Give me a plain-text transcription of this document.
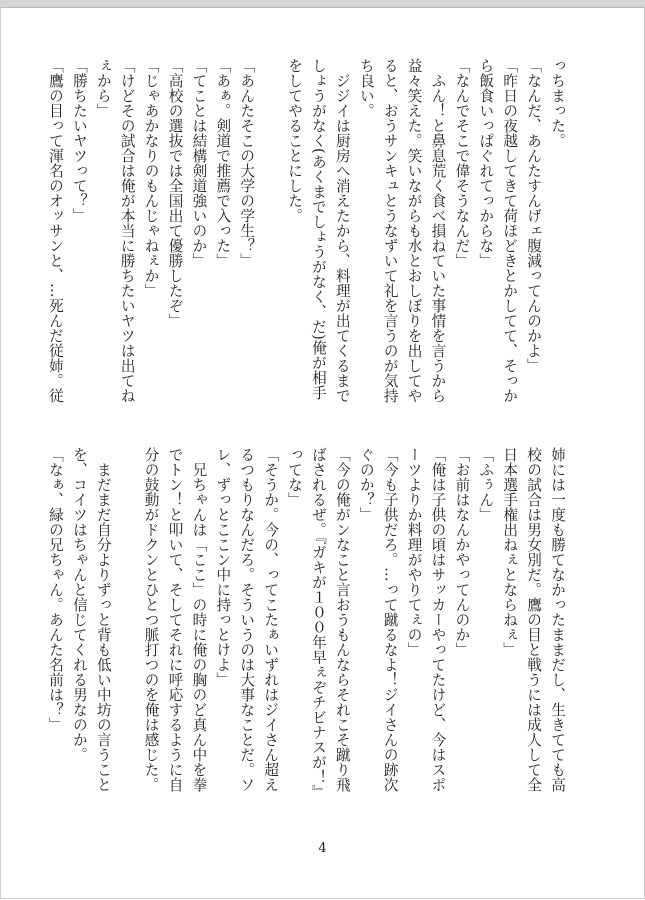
っちまった。

「なんだ、あんたすんげェ腹減ってんのかよ」

「昨日の夜越してきて荷ほどきとかしてて、そっか

ら飯食いっぱぐれてっからな」

「なんでそこで偉そうなんだ」

　ふん！と鼻息荒く食べ損ねていた事情を言うから

益々笑えた。笑いながらも水とおしぼりを出してや

ると、おうサンキュとうなずいて礼を言うのが気持

ち良い。

　ジジイは厨房へ消えたから、料理が出てくるまで

しょうがなく(あくまでしょうがなく、だ)俺が相手

をしてやることにした。

「あんたそこの大学の学生？」

「あぁ。剣道で推薦で入った」

「てことは結構剣道強いのか」

「高校の選抜では全国出て優勝したぞ」

「じゃあかなりのもんじゃねぇか」

「けどその試合は俺が本当に勝ちたいヤツは出てね

ぇから」

「勝ちたいヤツって？」

「鷹の目って渾名のオッサンと、…死んだ従姉。従

姉には一度も勝てなかったままだし、生きてても高

校の試合は男女別だ。鷹の目と戦うには成人して全

日本選手権出ねぇとならねぇ」

「ふぅん」

「お前はなんかやってんのか」

「俺は子供の頃はサッカーやってたけど、今はスポ

ーツよりか料理がやりてぇの」

「今も子供だろ。…って蹴るなよ！ジイさんの跡次

ぐのか？」

「今の俺がンなこと言おうもんならそれこそ蹴り飛

ばされるぜ。『ガキが１００年早ぇぞチビナスが！』

ってな」

「そうか。今の、ってこたぁいずれはジイさん超え

るつもりなんだろ。そういうのは大事なことだ。ソ

レ、ずっとここン中に持っとけよ」

　兄ちゃんは「ここ」の時に俺の胸のど真ん中を拳

でトン！と叩いて、そしてそれに呼応するように自

分の鼓動がドクンとひとつ脈打つのを俺は感じた。

　まだまだ自分よりずっと背も低い中坊の言うこと

を、コイツはちゃんと信じてくれる男なのか。

「なぁ、緑の兄ちゃん。あんた名前は？」

4
